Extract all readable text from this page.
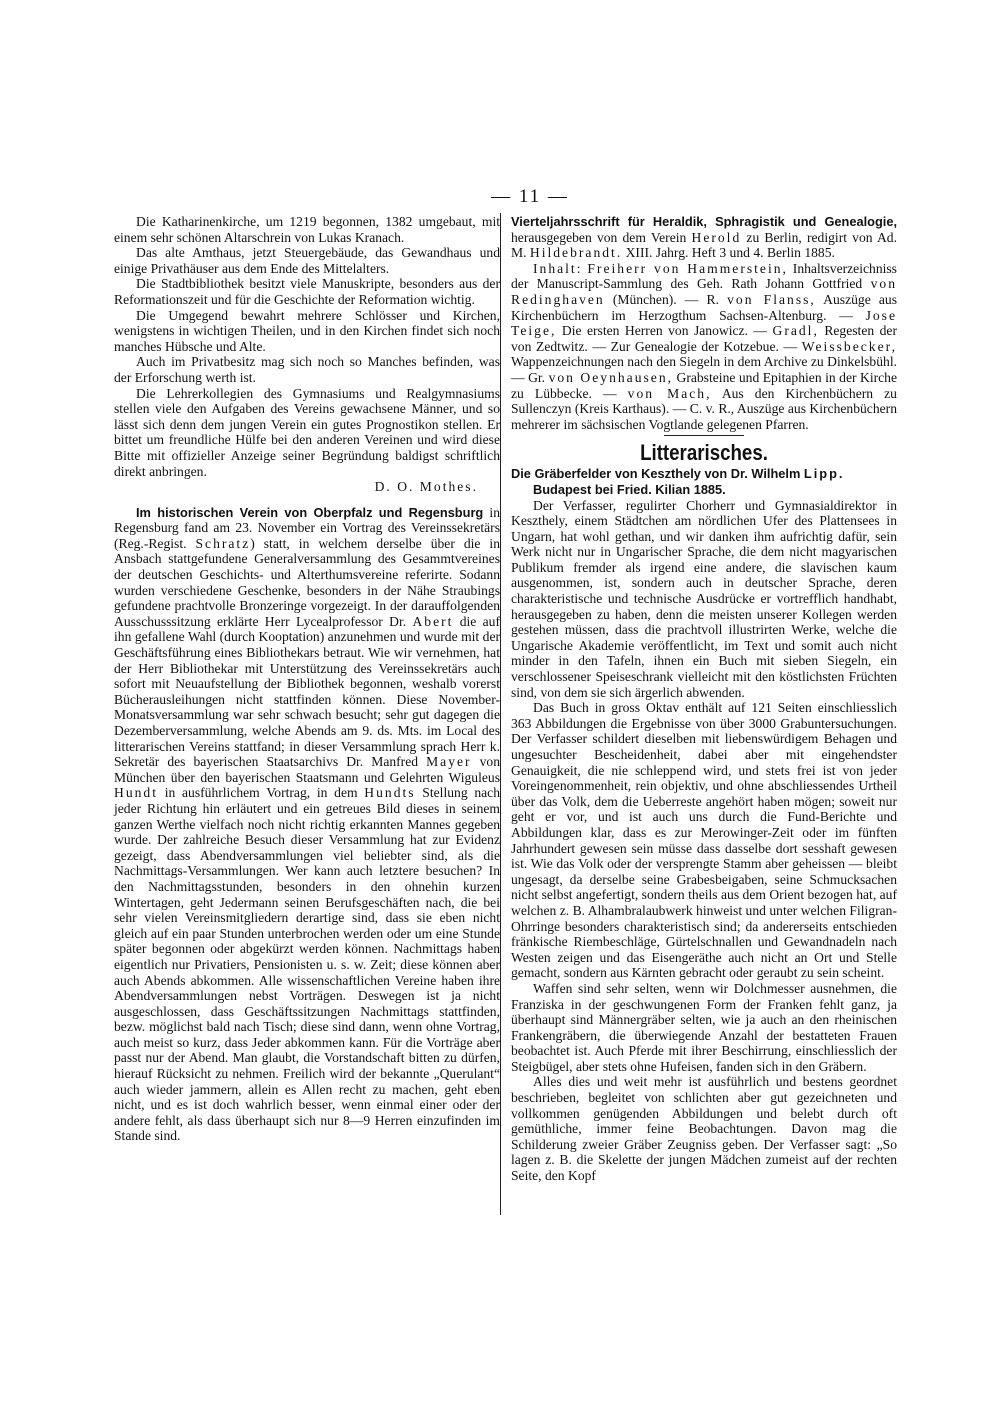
— 11 —

Die Katharinenkirche, um 1219 begonnen, 1382 umgebaut, mit einem sehr schönen Altarschrein von Lukas Kranach.

Das alte Amthaus, jetzt Steuergebäude, das Gewandhaus und einige Privathäuser aus dem Ende des Mittelalters.

Die Stadtbibliothek besitzt viele Manuskripte, besonders aus der Reformationszeit und für die Geschichte der Reformation wichtig.

Die Umgegend bewahrt mehrere Schlösser und Kirchen, wenigstens in wichtigen Theilen, und in den Kirchen findet sich noch manches Hübsche und Alte.

Auch im Privatbesitz mag sich noch so Manches befinden, was der Erforschung werth ist.

Die Lehrerkollegien des Gymnasiums und Realgymnasiums stellen viele den Aufgaben des Vereins gewachsene Männer, und so lässt sich denn dem jungen Verein ein gutes Prognostikon stellen. Er bittet um freundliche Hülfe bei den anderen Vereinen und wird diese Bitte mit offizieller Anzeige seiner Begründung baldigst schriftlich direkt anbringen.

D. O. Mothes.

Im historischen Verein von Oberpfalz und Regensburg in Regensburg fand am 23. November ein Vortrag des Vereinssekretärs (Reg.-Regist. Schratz) statt, in welchem derselbe über die in Ansbach stattgefundene Generalversammlung des Gesammtvereines der deutschen Geschichts- und Alterthumsvereine referirte. Sodann wurden verschiedene Geschenke, besonders in der Nähe Straubings gefundene prachtvolle Bronzeringe vorgezeigt. In der darauffolgenden Ausschusssitzung erklärte Herr Lycealprofessor Dr. Abert die auf ihn gefallene Wahl (durch Kooptation) anzunehmen und wurde mit der Geschäftsführung eines Bibliothekars betraut. Wie wir vernehmen, hat der Herr Bibliothekar mit Unterstützung des Vereinssekretärs auch sofort mit Neuaufstellung der Bibliothek begonnen, weshalb vorerst Bücherausleihungen nicht stattfinden können. Diese November-Monatsversammlung war sehr schwach besucht; sehr gut dagegen die Dezemberversammlung, welche Abends am 9. ds. Mts. im Local des litterarischen Vereins stattfand; in dieser Versammlung sprach Herr k. Sekretär des bayerischen Staatsarchivs Dr. Manfred Mayer von München über den bayerischen Staatsmann und Gelehrten Wiguleus Hundt in ausführlichem Vortrag, in dem Hundts Stellung nach jeder Richtung hin erläutert und ein getreues Bild dieses in seinem ganzen Werthe vielfach noch nicht richtig erkannten Mannes gegeben wurde. Der zahlreiche Besuch dieser Versammlung hat zur Evidenz gezeigt, dass Abendversammlungen viel beliebter sind, als die Nachmittags-Versammlungen. Wer kann auch letztere besuchen? In den Nachmittagsstunden, besonders in den ohnehin kurzen Wintertagen, geht Jedermann seinen Berufsgeschäften nach, die bei sehr vielen Vereinsmitgliedern derartige sind, dass sie eben nicht gleich auf ein paar Stunden unterbrochen werden oder um eine Stunde später begonnen oder abgekürzt werden können. Nachmittags haben eigentlich nur Privatiers, Pensionisten u. s. w. Zeit; diese können aber auch Abends abkommen. Alle wissenschaftlichen Vereine haben ihre Abendversammlungen nebst Vorträgen. Deswegen ist ja nicht ausgeschlossen, dass Geschäftssitzungen Nachmittags stattfinden, bezw. möglichst bald nach Tisch; diese sind dann, wenn ohne Vortrag, auch meist so kurz, dass Jeder abkommen kann. Für die Vorträge aber passt nur der Abend. Man glaubt, die Vorstandschaft bitten zu dürfen, hierauf Rücksicht zu nehmen. Freilich wird der bekannte „Querulant“ auch wieder jammern, allein es Allen recht zu machen, geht eben nicht, und es ist doch wahrlich besser, wenn einmal einer oder der andere fehlt, als dass überhaupt sich nur 8—9 Herren einzufinden im Stande sind.

Vierteljahrsschrift für Heraldik, Sphragistik und Genealogie, herausgegeben von dem Verein Herold zu Berlin, redigirt von Ad. M. Hildebrandt. XIII. Jahrg. Heft 3 und 4. Berlin 1885.

Inhalt: Freiherr von Hammerstein, Inhaltsverzeichniss der Manuscript-Sammlung des Geh. Rath Johann Gottfried von Redinghaven (München). — R. von Flanss, Auszüge aus Kirchenbüchern im Herzogthum Sachsen-Altenburg. — Jose Teige, Die ersten Herren von Janowicz. — Gradl, Regesten der von Zedtwitz. — Zur Genealogie der Kotzebue. — Weissbecker, Wappenzeichnungen nach den Siegeln in dem Archive zu Dinkelsbühl. — Gr. von Oeynhausen, Grabsteine und Epitaphien in der Kirche zu Lübbecke. — von Mach, Aus den Kirchenbüchern zu Sullenczyn (Kreis Karthaus). — C. v. R., Auszüge aus Kirchenbüchern mehrerer im sächsischen Vogtlande gelegenen Pfarren.

Litterarisches.

Die Gräberfelder von Keszthely von Dr. Wilhelm Lipp.
Budapest bei Fried. Kilian 1885.

Der Verfasser, regulirter Chorherr und Gymnasialdirektor in Keszthely, einem Städtchen am nördlichen Ufer des Plattensees in Ungarn, hat wohl gethan, und wir danken ihm aufrichtig dafür, sein Werk nicht nur in Ungarischer Sprache, die dem nicht magyarischen Publikum fremder als irgend eine andere, die slavischen kaum ausgenommen, ist, sondern auch in deutscher Sprache, deren charakteristische und technische Ausdrücke er vortrefflich handhabt, herausgegeben zu haben, denn die meisten unserer Kollegen werden gestehen müssen, dass die prachtvoll illustrirten Werke, welche die Ungarische Akademie veröffentlicht, im Text und somit auch nicht minder in den Tafeln, ihnen ein Buch mit sieben Siegeln, ein verschlossener Speiseschrank vielleicht mit den köstlichsten Früchten sind, von dem sie sich ärgerlich abwenden.

Das Buch in gross Oktav enthält auf 121 Seiten einschliesslich 363 Abbildungen die Ergebnisse von über 3000 Grabuntersuchungen. Der Verfasser schildert dieselben mit liebenswürdigem Behagen und ungesuchter Bescheidenheit, dabei aber mit eingehendster Genauigkeit, die nie schleppend wird, und stets frei ist von jeder Voreingenommenheit, rein objektiv, und ohne abschliessendes Urtheil über das Volk, dem die Ueberreste angehört haben mögen; soweit nur geht er vor, und ist auch uns durch die Fund-Berichte und Abbildungen klar, dass es zur Merowinger-Zeit oder im fünften Jahrhundert gewesen sein müsse dass dasselbe dort sesshaft gewesen ist. Wie das Volk oder der versprengte Stamm aber geheissen — bleibt ungesagt, da derselbe seine Grabesbeigaben, seine Schmucksachen nicht selbst angefertigt, sondern theils aus dem Orient bezogen hat, auf welchen z. B. Alhambralaubwerk hinweist und unter welchen Filigran-Ohrringe besonders charakteristisch sind; da andererseits entschieden fränkische Riembeschläge, Gürtelschnallen und Gewandnadeln nach Westen zeigen und das Eisengeräthe auch nicht an Ort und Stelle gemacht, sondern aus Kärnten gebracht oder geraubt zu sein scheint.

Waffen sind sehr selten, wenn wir Dolchmesser ausnehmen, die Franziska in der geschwungenen Form der Franken fehlt ganz, ja überhaupt sind Männergräber selten, wie ja auch an den rheinischen Frankengräbern, die überwiegende Anzahl der bestatteten Frauen beobachtet ist. Auch Pferde mit ihrer Beschirrung, einschliesslich der Steigbügel, aber stets ohne Hufeisen, fanden sich in den Gräbern.

Alles dies und weit mehr ist ausführlich und bestens geordnet beschrieben, begleitet von schlichten aber gut gezeichneten und vollkommen genügenden Abbildungen und belebt durch oft gemüthliche, immer feine Beobachtungen. Davon mag die Schilderung zweier Gräber Zeugniss geben. Der Verfasser sagt: „So lagen z. B. die Skelette der jungen Mädchen zumeist auf der rechten Seite, den Kopf
